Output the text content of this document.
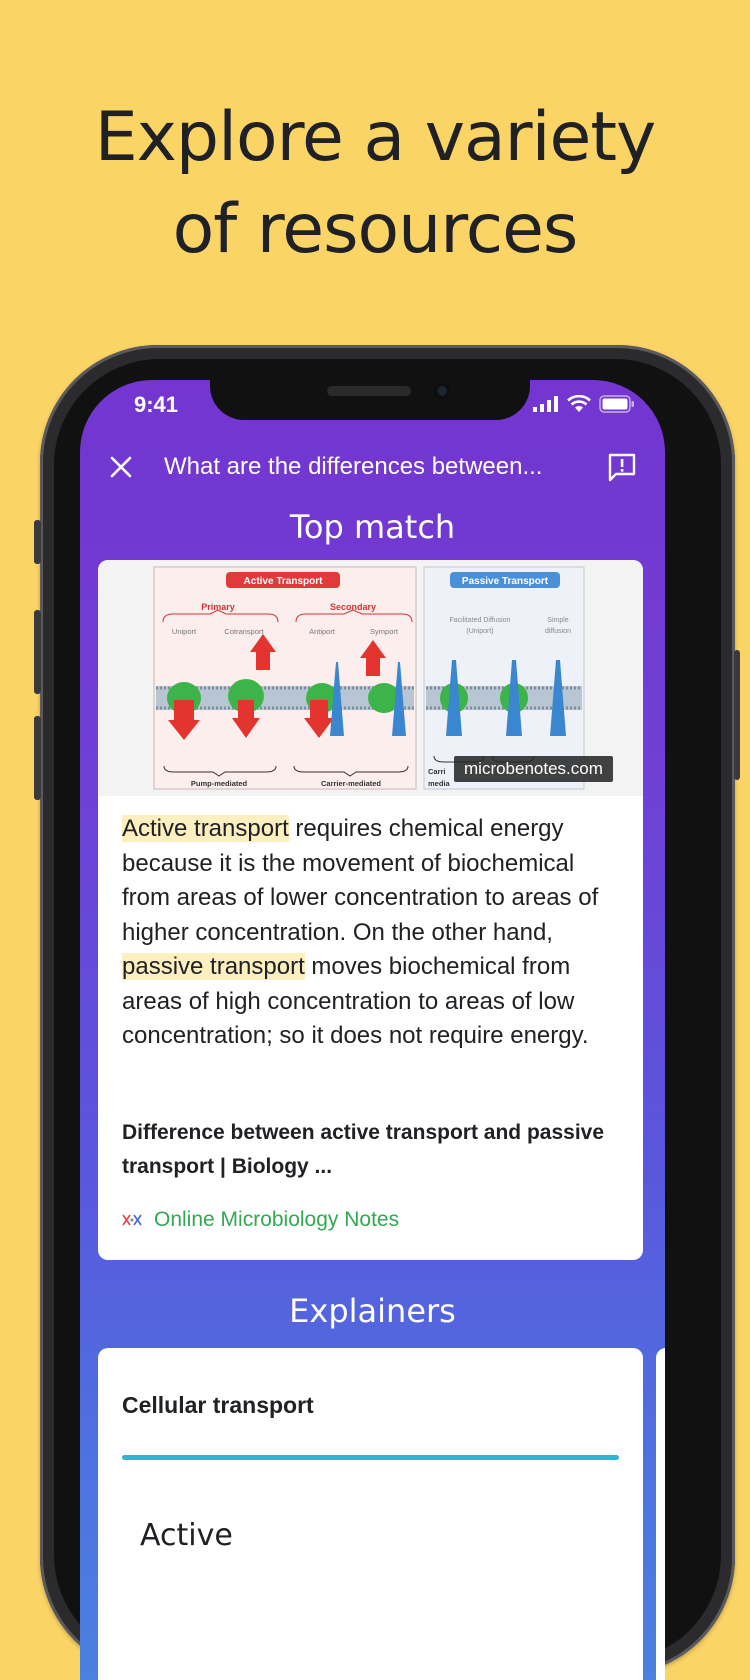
Explore a variety
of resources
9:41
What are the differences between...
Top match
Active Transport
Primary	Secondary
Uniport	Cotransport	Antiport	Symport
Pump-mediated	Carrier-mediated
Passive Transport
Facilitated Diffusion
(Uniport)
Simple
diffusion
Carri
media
microbenotes.com
Active transport requires chemical energy because it is the movement of biochemical from areas of lower concentration to areas of higher concentration. On the other hand, passive transport moves biochemical from areas of high concentration to areas of low concentration; so it does not require energy.
Difference between active transport and passive transport | Biology ...
Online Microbiology Notes
Explainers
Cellular transport
Active
